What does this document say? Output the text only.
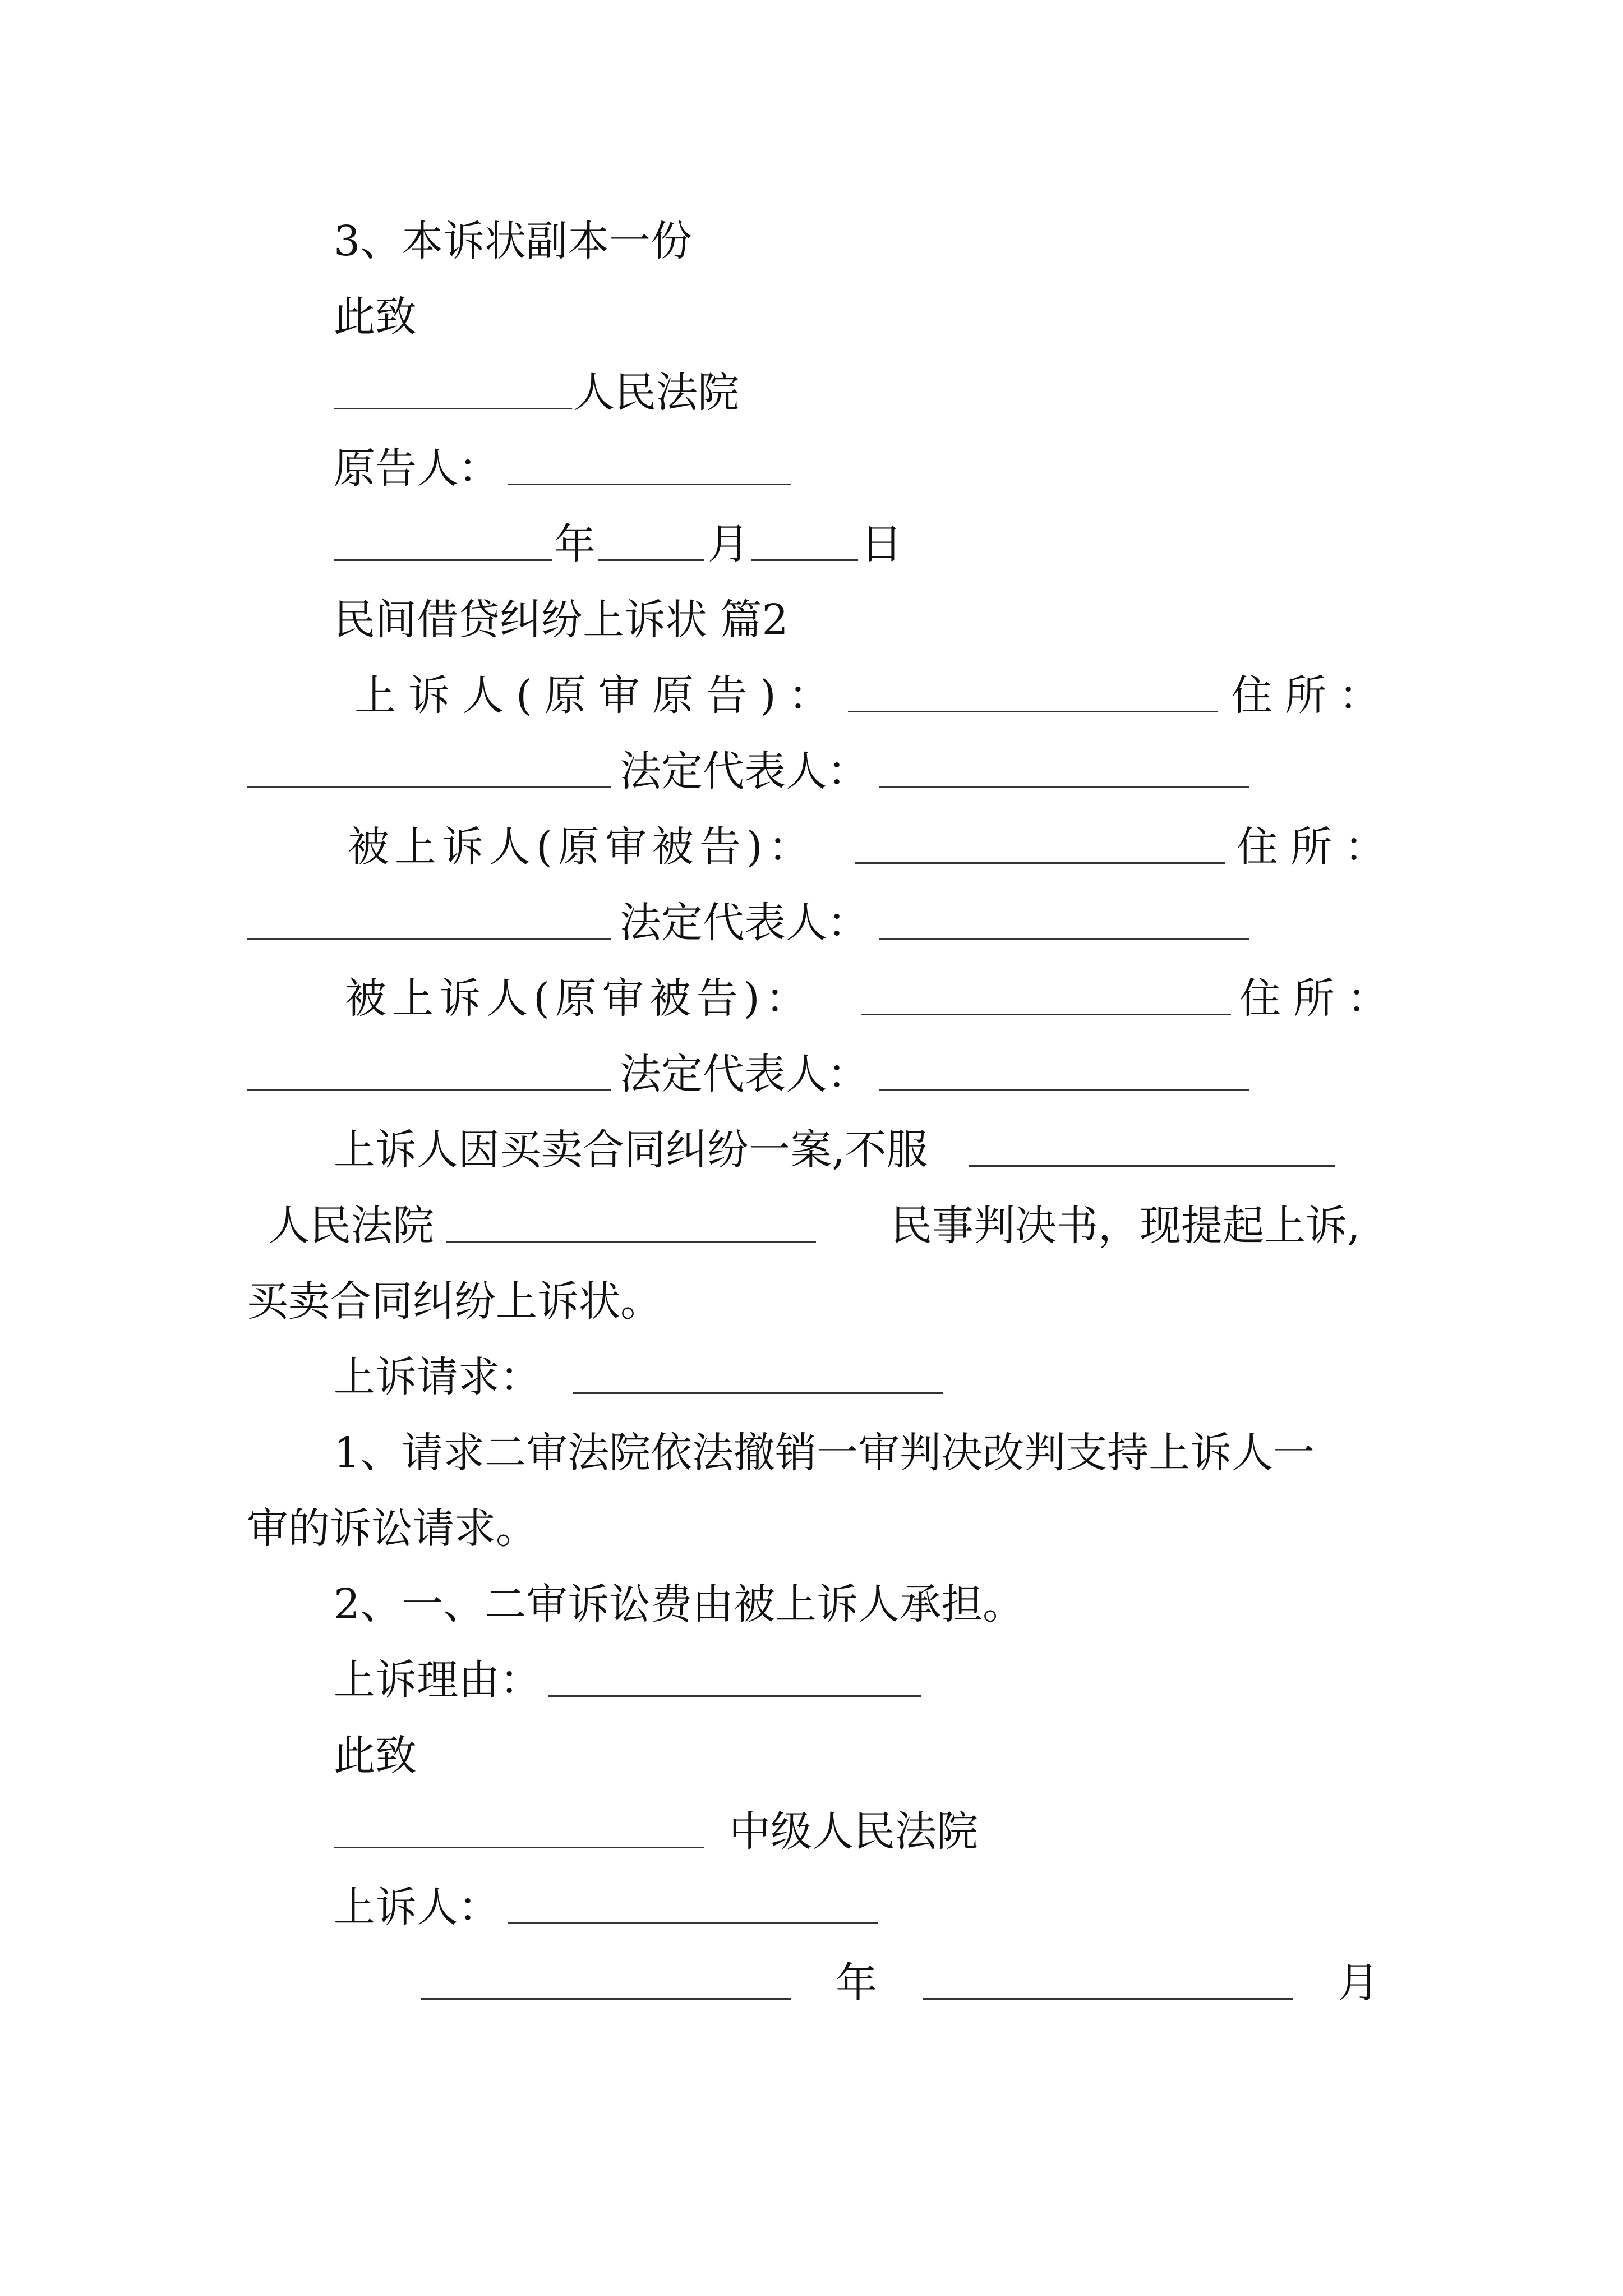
3、本诉状副本一份
此致
人民法院
原告人：
年	月	日
民间借贷纠纷上诉状 篇2
上诉人(原审原告)：	住所：
法定代表人：
被上诉人(原审被告)：	住所：
法定代表人：
被上诉人(原审被告)：	住所：
法定代表人：
上诉人因买卖合同纠纷一案,不服
人民法院	民事判决书，现提起上诉,
买卖合同纠纷上诉状。
上诉请求：
1、请求二审法院依法撤销一审判决改判支持上诉人一
审的诉讼请求。
2、一、二审诉讼费由被上诉人承担。
上诉理由：
此致
中级人民法院
上诉人：
年	月
